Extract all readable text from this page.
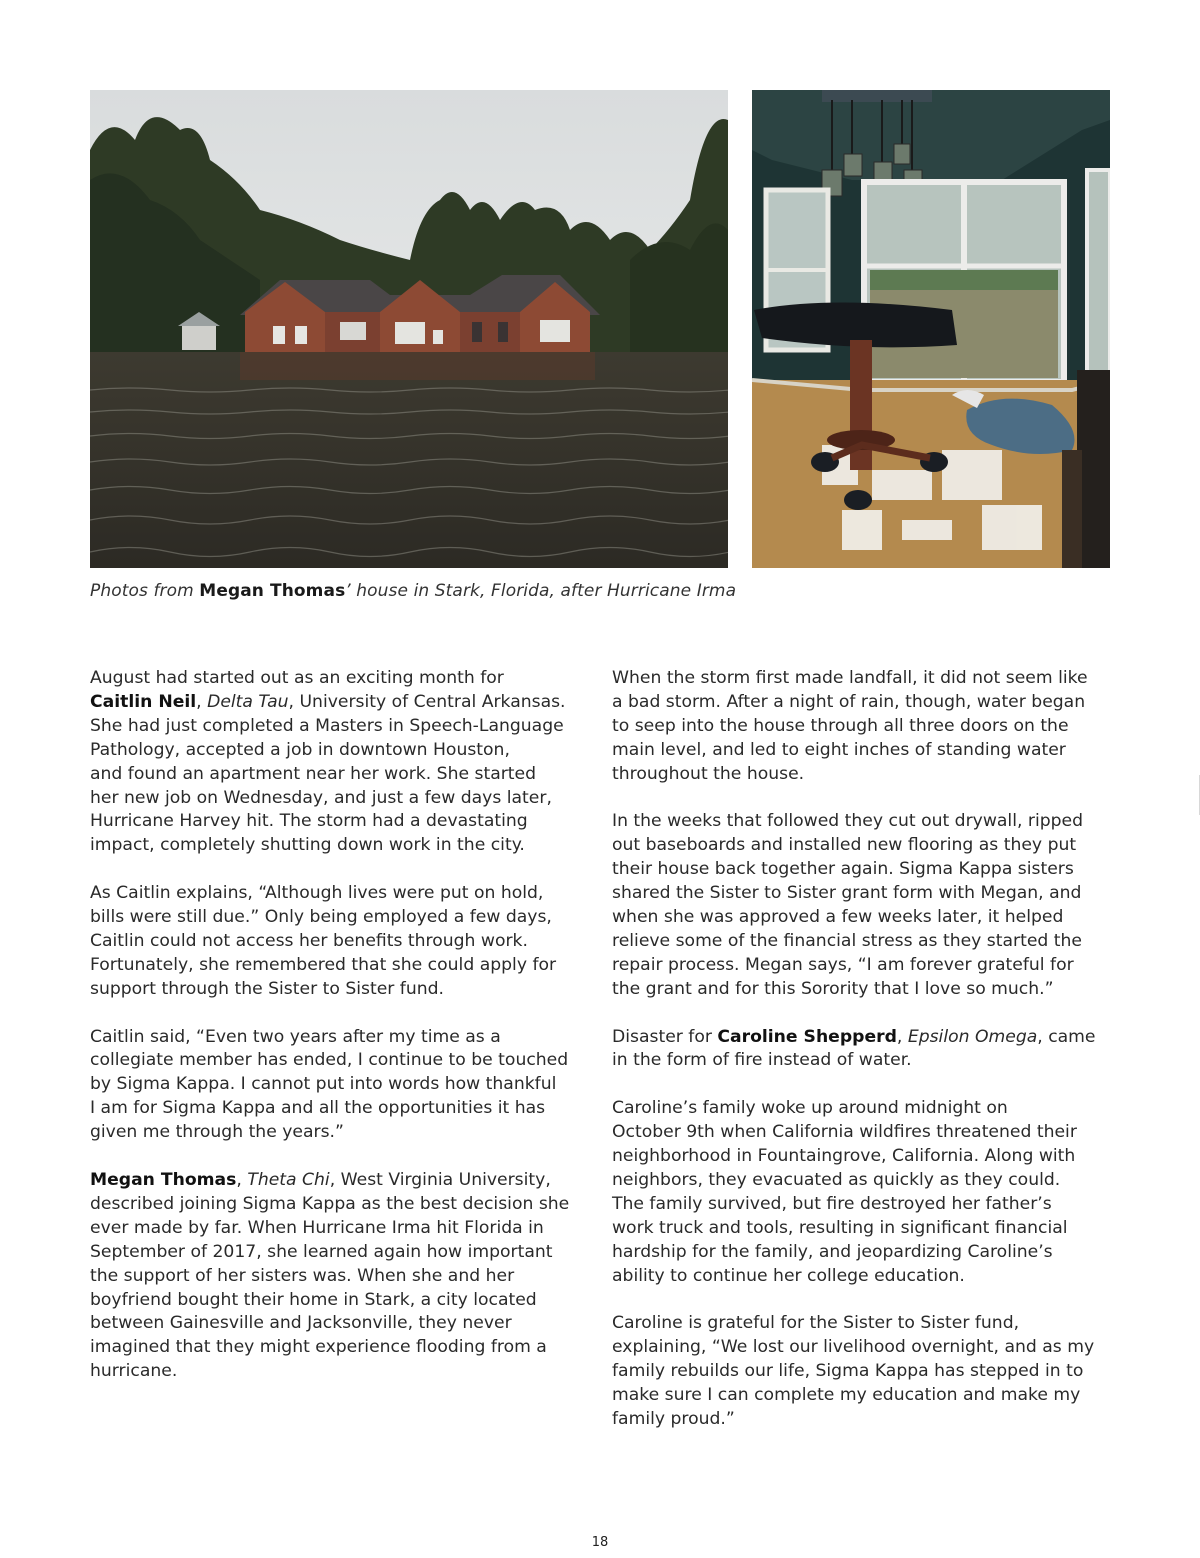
Photos from Megan Thomas’ house in Stark, Florida, after Hurricane Irma

August had started out as an exciting month for
Caitlin Neil, Delta Tau, University of Central Arkansas.
She had just completed a Masters in Speech-Language
Pathology, accepted a job in downtown Houston,
and found an apartment near her work. She started
her new job on Wednesday, and just a few days later,
Hurricane Harvey hit. The storm had a devastating
impact, completely shutting down work in the city.

As Caitlin explains, “Although lives were put on hold,
bills were still due.” Only being employed a few days,
Caitlin could not access her benefits through work.
Fortunately, she remembered that she could apply for
support through the Sister to Sister fund.

Caitlin said, “Even two years after my time as a
collegiate member has ended, I continue to be touched
by Sigma Kappa. I cannot put into words how thankful
I am for Sigma Kappa and all the opportunities it has
given me through the years.”

Megan Thomas, Theta Chi, West Virginia University,
described joining Sigma Kappa as the best decision she
ever made by far. When Hurricane Irma hit Florida in
September of 2017, she learned again how important
the support of her sisters was. When she and her
boyfriend bought their home in Stark, a city located
between Gainesville and Jacksonville, they never
imagined that they might experience flooding from a
hurricane.

When the storm first made landfall, it did not seem like
a bad storm. After a night of rain, though, water began
to seep into the house through all three doors on the
main level, and led to eight inches of standing water
throughout the house.

In the weeks that followed they cut out drywall, ripped
out baseboards and installed new flooring as they put
their house back together again. Sigma Kappa sisters
shared the Sister to Sister grant form with Megan, and
when she was approved a few weeks later, it helped
relieve some of the financial stress as they started the
repair process. Megan says, “I am forever grateful for
the grant and for this Sorority that I love so much.”

Disaster for Caroline Shepperd, Epsilon Omega, came
in the form of fire instead of water.

Caroline’s family woke up around midnight on
October 9th when California wildfires threatened their
neighborhood in Fountaingrove, California. Along with
neighbors, they evacuated as quickly as they could.
The family survived, but fire destroyed her father’s
work truck and tools, resulting in significant financial
hardship for the family, and jeopardizing Caroline’s
ability to continue her college education.

Caroline is grateful for the Sister to Sister fund,
explaining, “We lost our livelihood overnight, and as my
family rebuilds our life, Sigma Kappa has stepped in to
make sure I can complete my education and make my
family proud.”

18
